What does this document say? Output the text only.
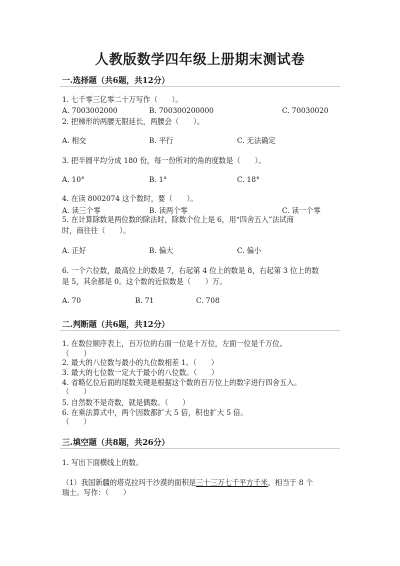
人教版数学四年级上册期末测试卷
一.选择题（共6题，共12分）
1. 七千零三亿零二十万写作（　　）。
A. 7003002000	B. 700300200000	C. 70030020
2. 把梯形的两腰无限延长，两腰会（　　）。
A. 相交	B. 平行	C. 无法确定
3. 把半圆平均分成 180 份，每一份所对的角的度数是（　　）。
A. 10°	B. 1°	C. 18°
4. 在读 8002074 这个数时，要（　　）。
A. 读三个零	B. 读两个零	C. 读一个零
5. 在计算除数是两位数的除法时，除数个位上是 6，用“四舍五入”法试商
时，商往往（　　）。
A. 正好	B. 偏大	C. 偏小
6. 一个六位数，最高位上的数是 7，右起第 4 位上的数是 8，右起第 3 位上的数
是 5，其余都是 0。这个数的近似数是（　　）万。
A. 70	B. 71	C. 708
二.判断题（共6题，共12分）
1. 在数位顺序表上，百万位的右面一位是十万位，左面一位是千万位。
（　　）
2. 最大的八位数与最小的九位数相差 1。（　　）
3. 最大的七位数一定大于最小的八位数。（　　）
4. 省略亿位后面的尾数关键是根据这个数的百万位上的数字进行四舍五入。
（　　）
5. 自然数不是奇数，就是偶数。（　　）
6. 在乘法算式中，两个因数都扩大 5 倍，积也扩大 5 倍。
（　　）
三.填空题（共8题，共26分）
1. 写出下面横线上的数。
（1）我国新疆的塔克拉玛干沙漠的面积是三十三万七千平方千米，相当于 8 个
瑞士。写作：（　　）
